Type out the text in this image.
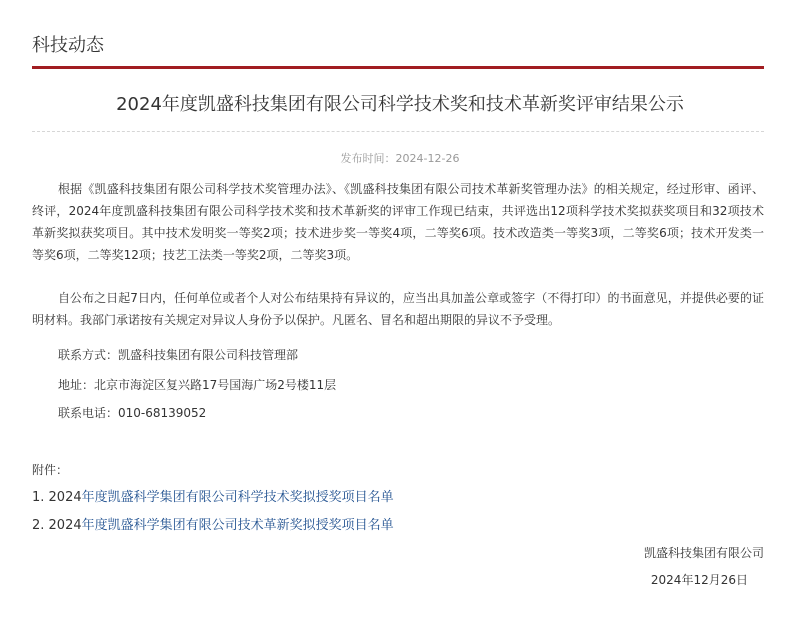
科技动态
2024年度凯盛科技集团有限公司科学技术奖和技术革新奖评审结果公示
发布时间：2024-12-26
根据《凯盛科技集团有限公司科学技术奖管理办法》、《凯盛科技集团有限公司技术革新奖管理办法》的相关规定，经过形审、函评、终评，2024年度凯盛科技集团有限公司科学技术奖和技术革新奖的评审工作现已结束，共评选出12项科学技术奖拟获奖项目和32项技术革新奖拟获奖项目。其中技术发明奖一等奖2项；技术进步奖一等奖4项，二等奖6项。技术改造类一等奖3项，二等奖6项；技术开发类一等奖6项，二等奖12项；技艺工法类一等奖2项，二等奖3项。
自公布之日起7日内，任何单位或者个人对公布结果持有异议的，应当出具加盖公章或签字（不得打印）的书面意见，并提供必要的证明材料。我部门承诺按有关规定对异议人身份予以保护。凡匿名、冒名和超出期限的异议不予受理。
联系方式：凯盛科技集团有限公司科技管理部
地址：北京市海淀区复兴路17号国海广场2号楼11层
联系电话：010-68139052
附件：
1. 2024年度凯盛科学集团有限公司科学技术奖拟授奖项目名单
2. 2024年度凯盛科学集团有限公司技术革新奖拟授奖项目名单
凯盛科技集团有限公司
2024年12月26日
